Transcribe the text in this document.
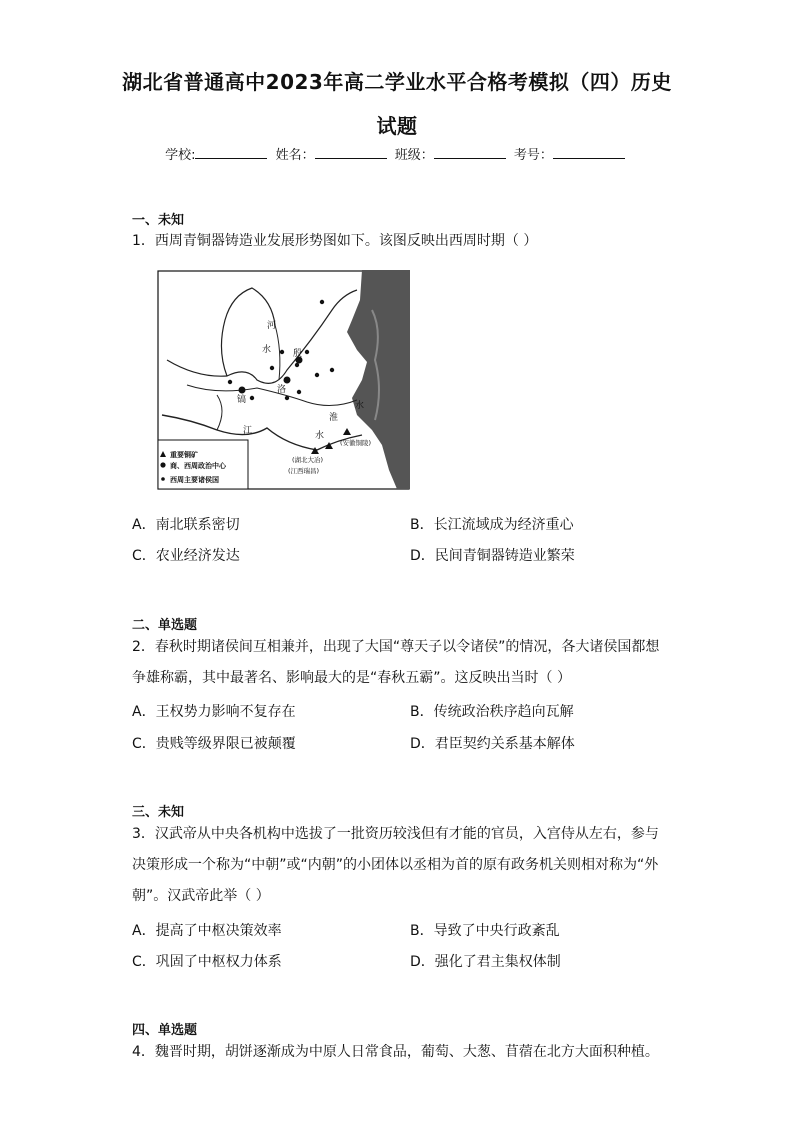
湖北省普通高中2023年高二学业水平合格考模拟（四）历史
试题
学校:	姓名：	班级：	考号：
一、未知
1．西周青铜器铸造业发展形势图如下。该图反映出西周时期（ ）
河
水 殷
镐
洛
淮
水
江	水
(湖北大冶)
(江西瑞昌)
(安徽铜陵)
重要铜矿
商、西周政治中心
西周主要诸侯国
A．南北联系密切	B．长江流域成为经济重心
C．农业经济发达	D．民间青铜器铸造业繁荣
二、单选题
2．春秋时期诸侯间互相兼并，出现了大国“尊天子以令诸侯”的情况，各大诸侯国都想争雄称霸，其中最著名、影响最大的是“春秋五霸”。这反映出当时（ ）
A．王权势力影响不复存在	B．传统政治秩序趋向瓦解
C．贵贱等级界限已被颠覆	D．君臣契约关系基本解体
三、未知
3．汉武帝从中央各机构中选拔了一批资历较浅但有才能的官员，入宫侍从左右，参与决策形成一个称为“中朝”或“内朝”的小团体以丞相为首的原有政务机关则相对称为“外朝”。汉武帝此举（ ）
A．提高了中枢决策效率	B．导致了中央行政紊乱
C．巩固了中枢权力体系	D．强化了君主集权体制
四、单选题
4．魏晋时期，胡饼逐渐成为中原人日常食品，葡萄、大葱、苜蓿在北方大面积种植。
